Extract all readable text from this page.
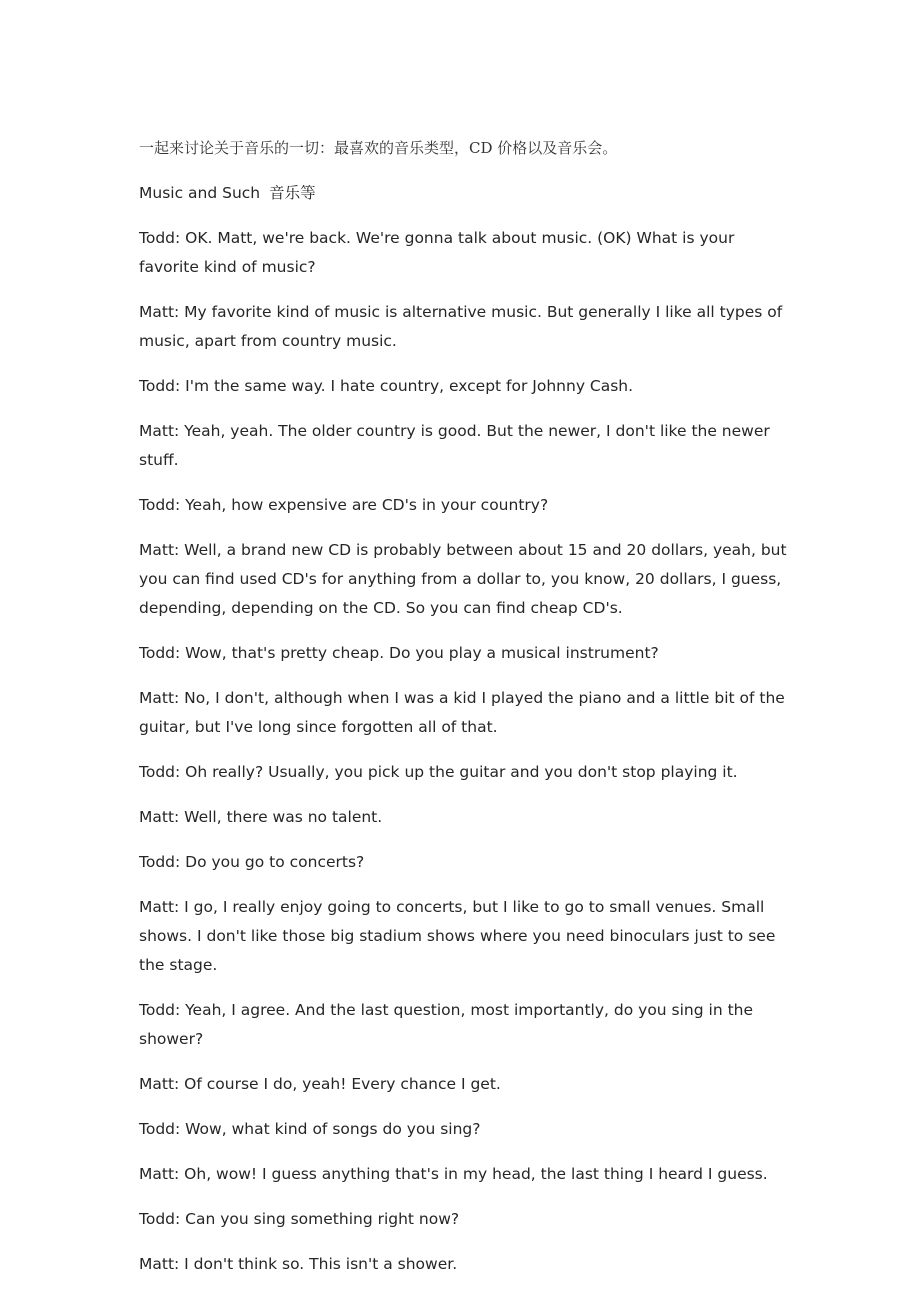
一起来讨论关于音乐的一切：最喜欢的音乐类型，CD 价格以及音乐会。

Music and Such 音乐等

Todd: OK. Matt, we're back. We're gonna talk about music. (OK) What is your favorite kind of music?

Matt: My favorite kind of music is alternative music. But generally I like all types of music, apart from country music.

Todd: I'm the same way. I hate country, except for Johnny Cash.

Matt: Yeah, yeah. The older country is good. But the newer, I don't like the newer stuff.

Todd: Yeah, how expensive are CD's in your country?

Matt: Well, a brand new CD is probably between about 15 and 20 dollars, yeah, but you can find used CD's for anything from a dollar to, you know, 20 dollars, I guess, depending, depending on the CD. So you can find cheap CD's.

Todd: Wow, that's pretty cheap. Do you play a musical instrument?

Matt: No, I don't, although when I was a kid I played the piano and a little bit of the guitar, but I've long since forgotten all of that.

Todd: Oh really? Usually, you pick up the guitar and you don't stop playing it.

Matt: Well, there was no talent.

Todd: Do you go to concerts?

Matt: I go, I really enjoy going to concerts, but I like to go to small venues. Small shows. I don't like those big stadium shows where you need binoculars just to see the stage.

Todd: Yeah, I agree. And the last question, most importantly, do you sing in the shower?

Matt: Of course I do, yeah! Every chance I get.

Todd: Wow, what kind of songs do you sing?

Matt: Oh, wow! I guess anything that's in my head, the last thing I heard I guess.

Todd: Can you sing something right now?

Matt: I don't think so. This isn't a shower.
